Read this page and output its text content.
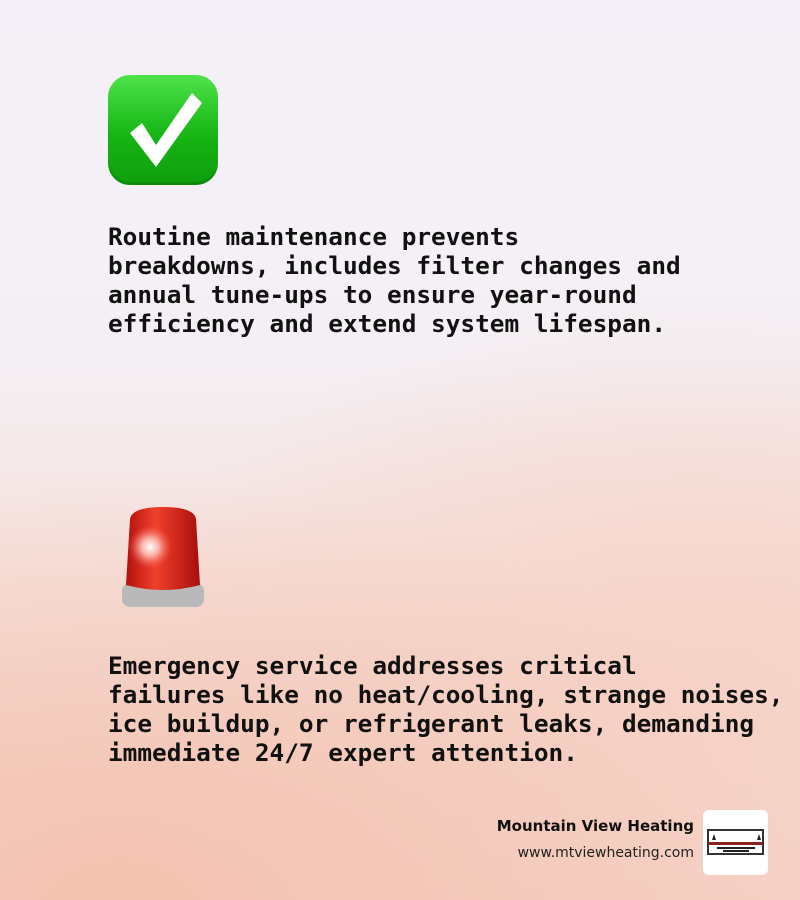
Routine maintenance prevents
breakdowns, includes filter changes and
annual tune-ups to ensure year-round
efficiency and extend system lifespan.
Emergency service addresses critical
failures like no heat/cooling, strange noises,
ice buildup, or refrigerant leaks, demanding
immediate 24/7 expert attention.
Mountain View Heating
www.mtviewheating.com
